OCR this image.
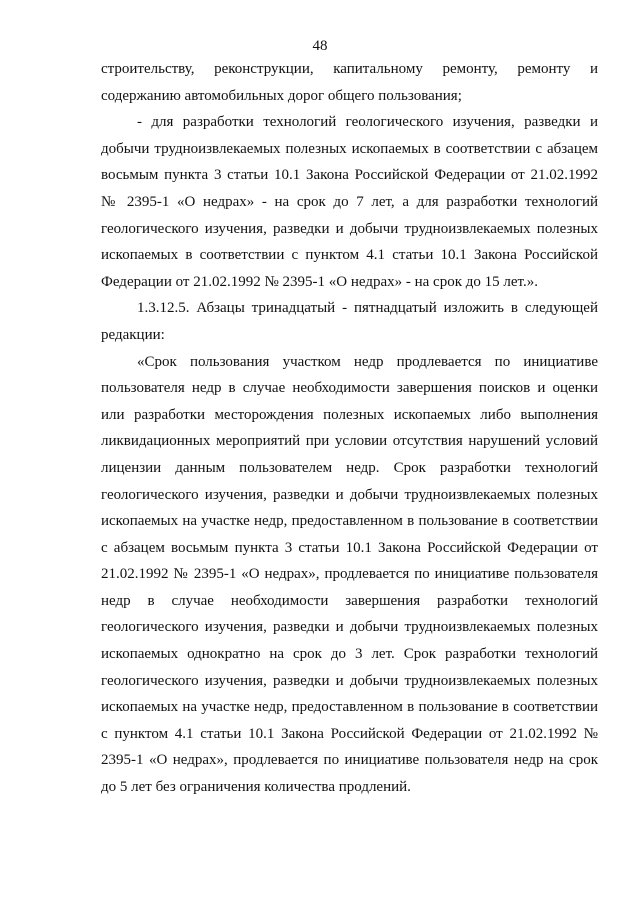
48

строительству, реконструкции, капитальному ремонту, ремонту и содержанию автомобильных дорог общего пользования;

- для разработки технологий геологического изучения, разведки и добычи трудноизвлекаемых полезных ископаемых в соответствии с абзацем восьмым пункта 3 статьи 10.1 Закона Российской Федерации от 21.02.1992 № 2395-1 «О недрах» - на срок до 7 лет, а для разработки технологий геологического изучения, разведки и добычи трудноизвлекаемых полезных ископаемых в соответствии с пунктом 4.1 статьи 10.1 Закона Российской Федерации от 21.02.1992 № 2395-1 «О недрах» - на срок до 15 лет.».

1.3.12.5. Абзацы тринадцатый - пятнадцатый изложить в следующей редакции:

«Срок пользования участком недр продлевается по инициативе пользователя недр в случае необходимости завершения поисков и оценки или разработки месторождения полезных ископаемых либо выполнения ликвидационных мероприятий при условии отсутствия нарушений условий лицензии данным пользователем недр. Срок разработки технологий геологического изучения, разведки и добычи трудноизвлекаемых полезных ископаемых на участке недр, предоставленном в пользование в соответствии с абзацем восьмым пункта 3 статьи 10.1 Закона Российской Федерации от 21.02.1992 № 2395-1 «О недрах», продлевается по инициативе пользователя недр в случае необходимости завершения разработки технологий геологического изучения, разведки и добычи трудноизвлекаемых полезных ископаемых однократно на срок до 3 лет. Срок разработки технологий геологического изучения, разведки и добычи трудноизвлекаемых полезных ископаемых на участке недр, предоставленном в пользование в соответствии с пунктом 4.1 статьи 10.1 Закона Российской Федерации от 21.02.1992 № 2395-1 «О недрах», продлевается по инициативе пользователя недр на срок до 5 лет без ограничения количества продлений.
